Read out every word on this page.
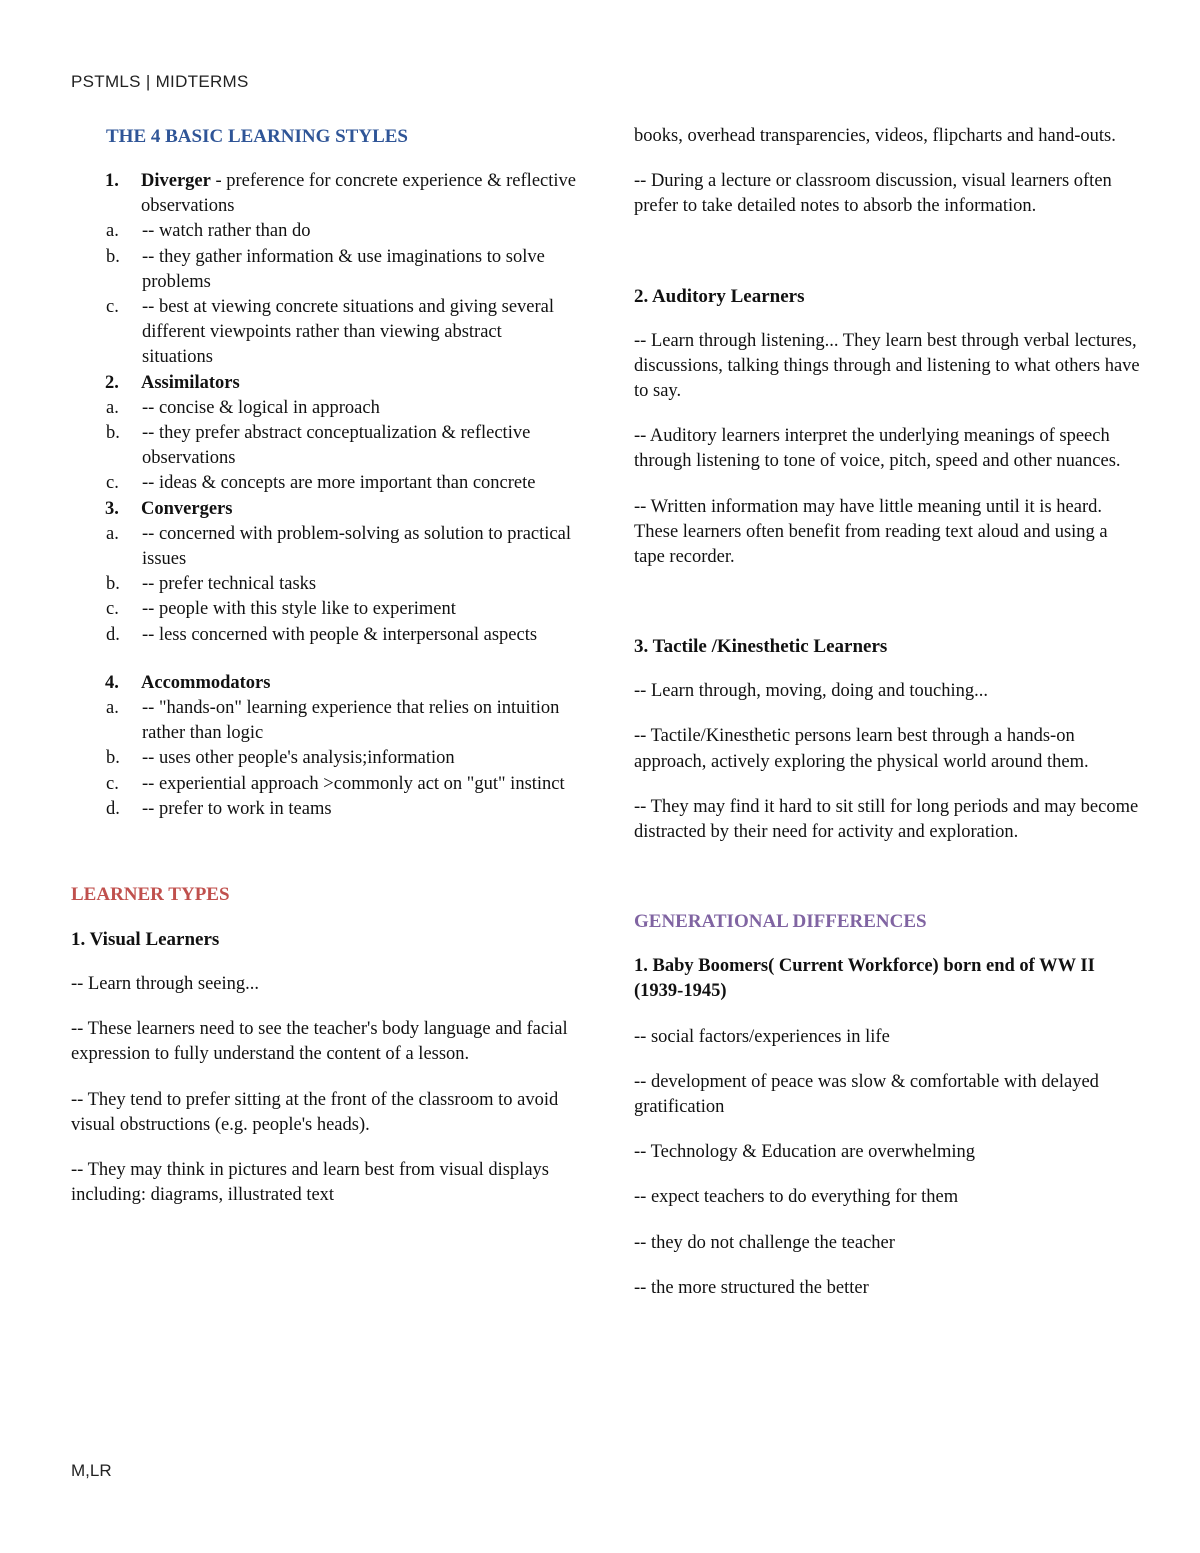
PSTMLS | MIDTERMS
THE 4 BASIC LEARNING STYLES
1. Diverger - preference for concrete experience & reflective observations
a. -- watch rather than do
b. -- they gather information & use imaginations to solve problems
c. -- best at viewing concrete situations and giving several different viewpoints rather than viewing abstract situations
2. Assimilators
a. -- concise & logical in approach
b. -- they prefer abstract conceptualization & reflective observations
c. -- ideas & concepts are more important than concrete
3. Convergers
a. -- concerned with problem-solving as solution to practical issues
b. -- prefer technical tasks
c. -- people with this style like to experiment
d. -- less concerned with people & interpersonal aspects
4. Accommodators
a. -- "hands-on" learning experience that relies on intuition rather than logic
b. -- uses other people's analysis;information
c. -- experiential approach >commonly act on "gut" instinct
d. -- prefer to work in teams
LEARNER TYPES
1. Visual Learners

-- Learn through seeing...

-- These learners need to see the teacher's body language and facial expression to fully understand the content of a lesson.

-- They tend to prefer sitting at the front of the classroom to avoid visual obstructions (e.g. people's heads).

-- They may think in pictures and learn best from visual displays including: diagrams, illustrated text

books, overhead transparencies, videos, flipcharts and hand-outs.

-- During a lecture or classroom discussion, visual learners often prefer to take detailed notes to absorb the information.

2. Auditory Learners

-- Learn through listening... They learn best through verbal lectures, discussions, talking things through and listening to what others have to say.

-- Auditory learners interpret the underlying meanings of speech through listening to tone of voice, pitch, speed and other nuances.

-- Written information may have little meaning until it is heard. These learners often benefit from reading text aloud and using a tape recorder.

3. Tactile /Kinesthetic Learners

-- Learn through, moving, doing and touching...

-- Tactile/Kinesthetic persons learn best through a hands-on approach, actively exploring the physical world around them.

-- They may find it hard to sit still for long periods and may become distracted by their need for activity and exploration.

GENERATIONAL DIFFERENCES

1. Baby Boomers( Current Workforce) born end of WW II (1939-1945)

-- social factors/experiences in life

-- development of peace was slow & comfortable with delayed gratification

-- Technology & Education are overwhelming

-- expect teachers to do everything for them

-- they do not challenge the teacher

-- the more structured the better

M,LR
